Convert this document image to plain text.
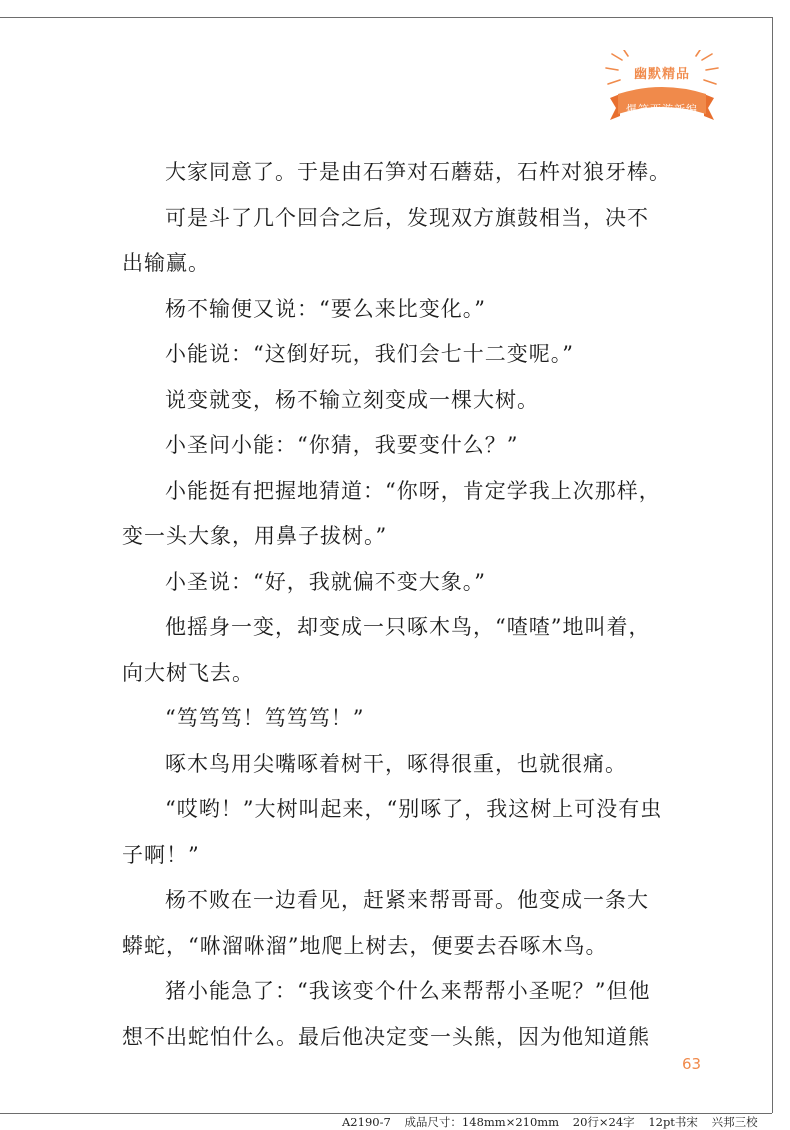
幽默精品
爆笑西游新编

大家同意了。于是由石笋对石蘑菇，石杵对狼牙棒。

可是斗了几个回合之后，发现双方旗鼓相当，决不
出输赢。

杨不输便又说：“要么来比变化。”

小能说：“这倒好玩，我们会七十二变呢。”

说变就变，杨不输立刻变成一棵大树。

小圣问小能：“你猜，我要变什么？”

小能挺有把握地猜道：“你呀，肯定学我上次那样，
变一头大象，用鼻子拔树。”

小圣说：“好，我就偏不变大象。”

他摇身一变，却变成一只啄木鸟，“喳喳”地叫着，
向大树飞去。

“笃笃笃！笃笃笃！”

啄木鸟用尖嘴啄着树干，啄得很重，也就很痛。

“哎哟！”大树叫起来，“别啄了，我这树上可没有虫
子啊！”

杨不败在一边看见，赶紧来帮哥哥。他变成一条大
蟒蛇，“咻溜咻溜”地爬上树去，便要去吞啄木鸟。

猪小能急了：“我该变个什么来帮帮小圣呢？”但他
想不出蛇怕什么。最后他决定变一头熊，因为他知道熊

63
A2190-7 成品尺寸：148mm×210mm 20行×24字 12pt书宋 兴邦三校
